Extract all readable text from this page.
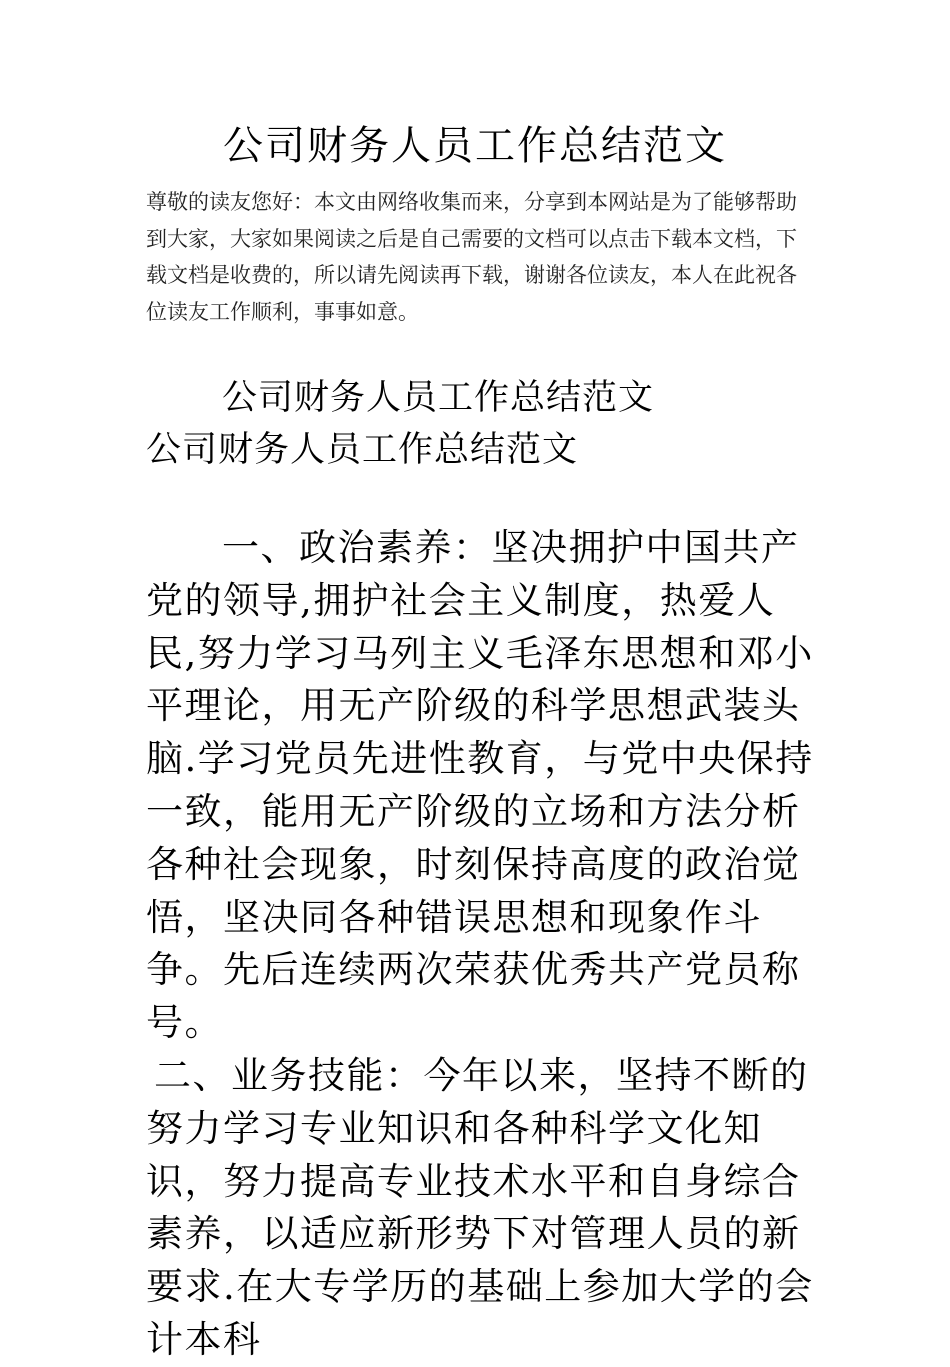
公司财务人员工作总结范文

尊敬的读友您好：本文由网络收集而来，分享到本网站是为了能够帮助到大家，大家如果阅读之后是自己需要的文档可以点击下载本文档，下载文档是收费的，所以请先阅读再下载，谢谢各位读友，本人在此祝各位读友工作顺利，事事如意。

公司财务人员工作总结范文

公司财务人员工作总结范文

一、政治素养：坚决拥护中国共产党的领导,拥护社会主义制度，热爱人民,努力学习马列主义毛泽东思想和邓小平理论，用无产阶级的科学思想武装头脑.学习党员先进性教育，与党中央保持一致，能用无产阶级的立场和方法分析各种社会现象，时刻保持高度的政治觉悟，坚决同各种错误思想和现象作斗争。先后连续两次荣获优秀共产党员称号。

二、业务技能：今年以来，坚持不断的努力学习专业知识和各种科学文化知识，努力提高专业技术水平和自身综合素养，以适应新形势下对管理人员的新要求.在大专学历的基础上参加大学的会计本科
